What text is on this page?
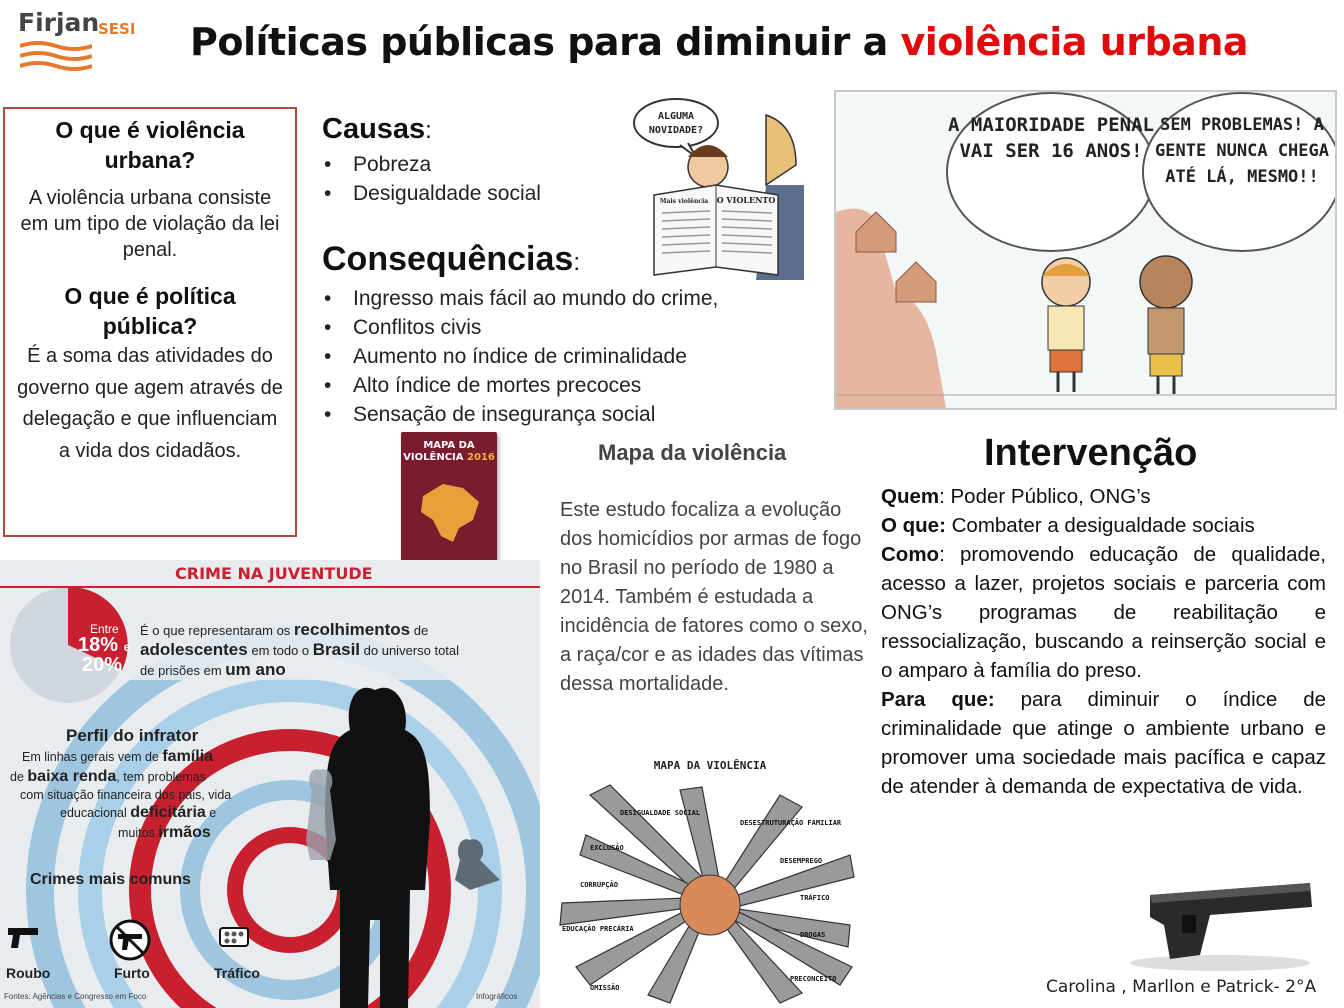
Firjan
SESI Políticas públicas para diminuir a violência urbana
O que é violência urbana?
A violência urbana consiste em um tipo de violação da lei penal.
O que é política pública?
É a soma das atividades do governo que agem através de delegação e que influenciam a vida dos cidadãos.
Causas:
• Pobreza
• Desigualdade social
Consequências:
• Ingresso mais fácil ao mundo do crime,
• Conflitos civis
• Aumento no índice de criminalidade
• Alto índice de mortes precoces
• Sensação de insegurança social
ALGUMA
NOVIDADE?
O VIOLENTO
Mais violência
A MAIORIDADE PENAL VAI SER 16 ANOS!
SEM PROBLEMAS! A GENTE NUNCA CHEGA ATÉ LÁ, MESMO!!
MAPA DA
VIOLÊNCIA 2016	Mapa da violência
Este estudo focaliza a evolução dos homicídios por armas de fogo no Brasil no período de 1980 a 2014. Também é estudada a incidência de fatores como o sexo, a raça/cor e as idades das vítimas dessa mortalidade.
Intervenção

Quem: Poder Público, ONG’s

O que: Combater a desigualdade sociais

Como: promovendo educação de qualidade, acesso a lazer, projetos sociais e parceria com ONG’s programas de reabilitação e ressocialização, buscando a reinserção social e o amparo à família do preso.

Para que: para diminuir o índice de criminalidade que atinge o ambiente urbano e promover uma sociedade mais pacífica e capaz de atender à demanda de expectativa de vida.

CRIME NA JUVENTUDE
Entre
18% e
20%
É o que representaram os recolhimentos de
adolescentes em todo o Brasil do universo total
de prisões em um ano
Perfil do infrator
Em linhas gerais vem de família
de baixa renda, tem problemas
com situação financeira dos pais, vida
educacional deficitária e
muitos irmãos
Crimes mais comuns
Roubo	Furto	Tráfico
Fontes: Agências e Congresso em Foco	Infográficos
MAPA DA VIOLÊNCIA
DESIGUALDADE SOCIAL
DESESTRUTURAÇÃO FAMILIAR
EXCLUSÃO
CORRUPÇÃO
DESEMPREGO
TRÁFICO
EDUCAÇÃO PRECÁRIA
DROGAS
OMISSÃO
PRECONCEITO	Carolina , Marllon e Patrick- 2°A
